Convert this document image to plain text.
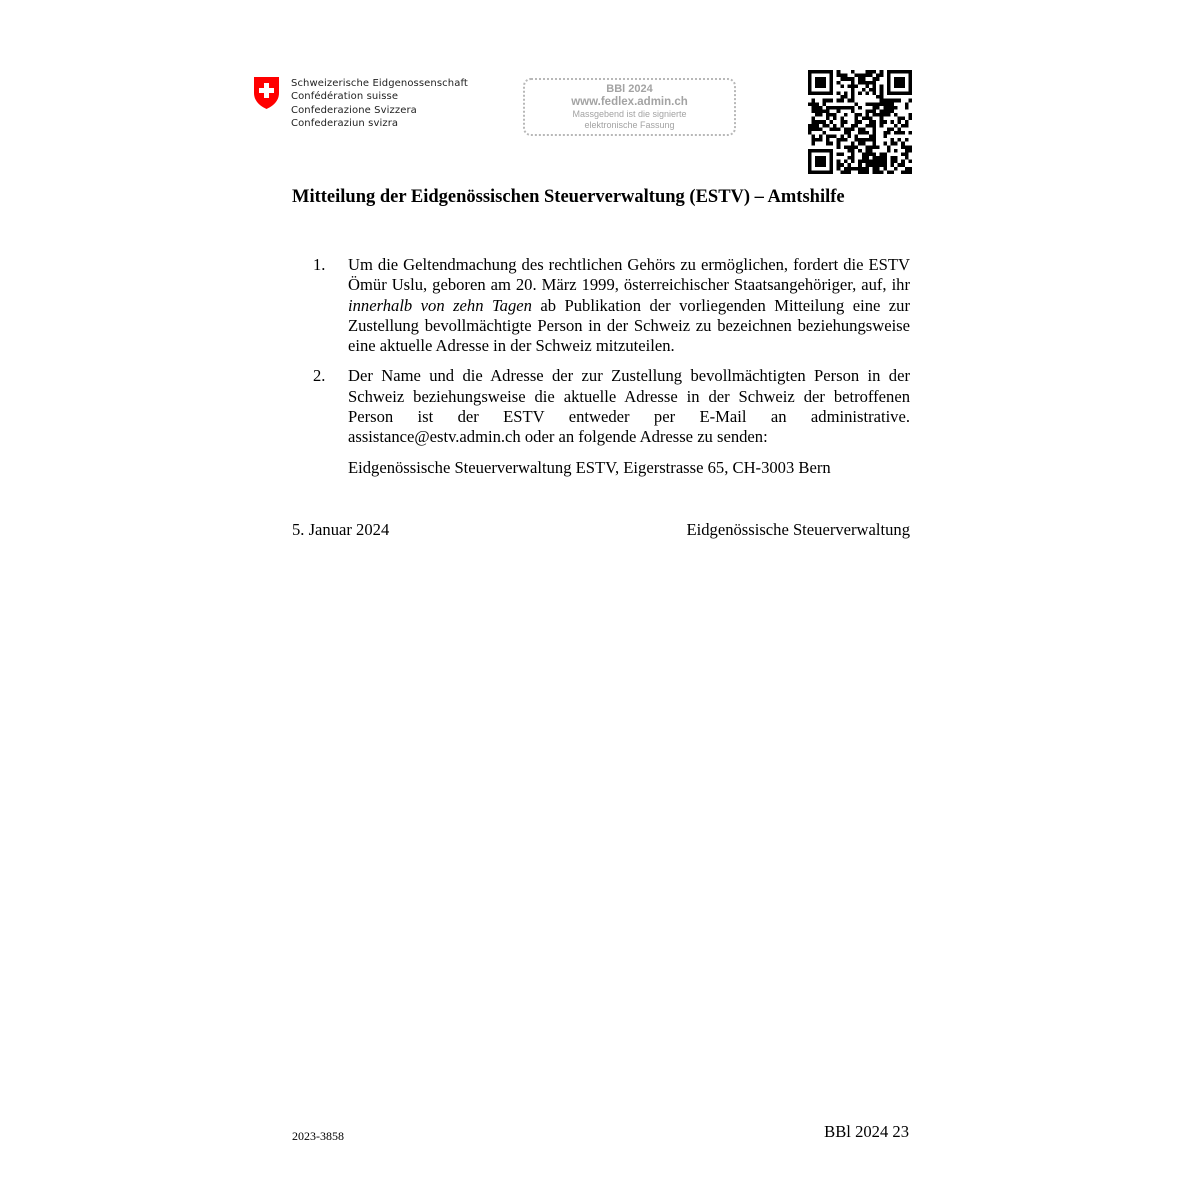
Schweizerische Eidgenossenschaft
Confédération suisse
Confederazione Svizzera
Confederaziun svizra
BBl 2024
www.fedlex.admin.ch
Massgebend ist die signierte
elektronische Fassung
Mitteilung der Eidgenössischen Steuerverwaltung (ESTV) – Amtshilfe
1.	Um die Geltendmachung des rechtlichen Gehörs zu ermöglichen, fordert die ESTV Ömür Uslu, geboren am 20. März 1999, österreichischer Staatsangehöriger, auf, ihr innerhalb von zehn Tagen ab Publikation der vorliegenden Mitteilung eine zur Zustellung bevollmächtigte Person in der Schweiz zu bezeichnen beziehungsweise eine aktuelle Adresse in der Schweiz mitzuteilen.
2.	Der Name und die Adresse der zur Zustellung bevollmächtigten Person in der Schweiz beziehungsweise die aktuelle Adresse in der Schweiz der betroffenen Person ist der ESTV entweder per E-Mail an administrative.​assistance@estv.admin.ch oder an folgende Adresse zu senden:
Eidgenössische Steuerverwaltung ESTV, Eigerstrasse 65, CH-3003 Bern
5. Januar 2024	Eidgenössische Steuerverwaltung
2023-3858	BBl 2024 23
